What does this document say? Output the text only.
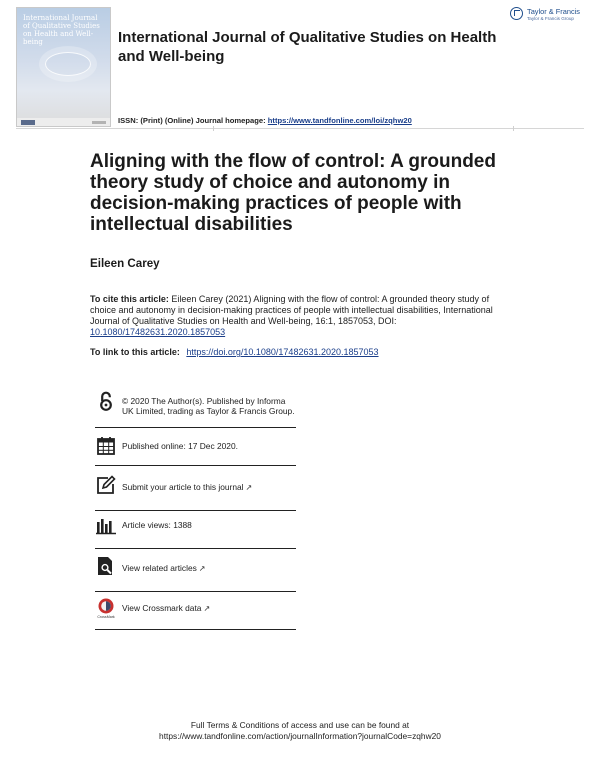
International Journal of Qualitative Studies on Health and Well-being	International Journal of Qualitative Studies on Health and Well-being
ISSN: (Print) (Online) Journal homepage: https://www.tandfonline.com/loi/zqhw20
Taylor & Francis
Taylor & Francis Group
Aligning with the flow of control: A grounded theory study of choice and autonomy in decision-making practices of people with intellectual disabilities
Eileen Carey
To cite this article: Eileen Carey (2021) Aligning with the flow of control: A grounded theory study of choice and autonomy in decision-making practices of people with intellectual disabilities, International Journal of Qualitative Studies on Health and Well-being, 16:1, 1857053, DOI: 10.1080/17482631.2020.1857053
To link to this article: https://doi.org/10.1080/17482631.2020.1857053
© 2020 The Author(s). Published by Informa UK Limited, trading as Taylor & Francis Group.
Published online: 17 Dec 2020.
Submit your article to this journal ↗
Article views: 1388
View related articles ↗
CrossMark
View Crossmark data ↗
Full Terms & Conditions of access and use can be found at
https://www.tandfonline.com/action/journalInformation?journalCode=zqhw20
